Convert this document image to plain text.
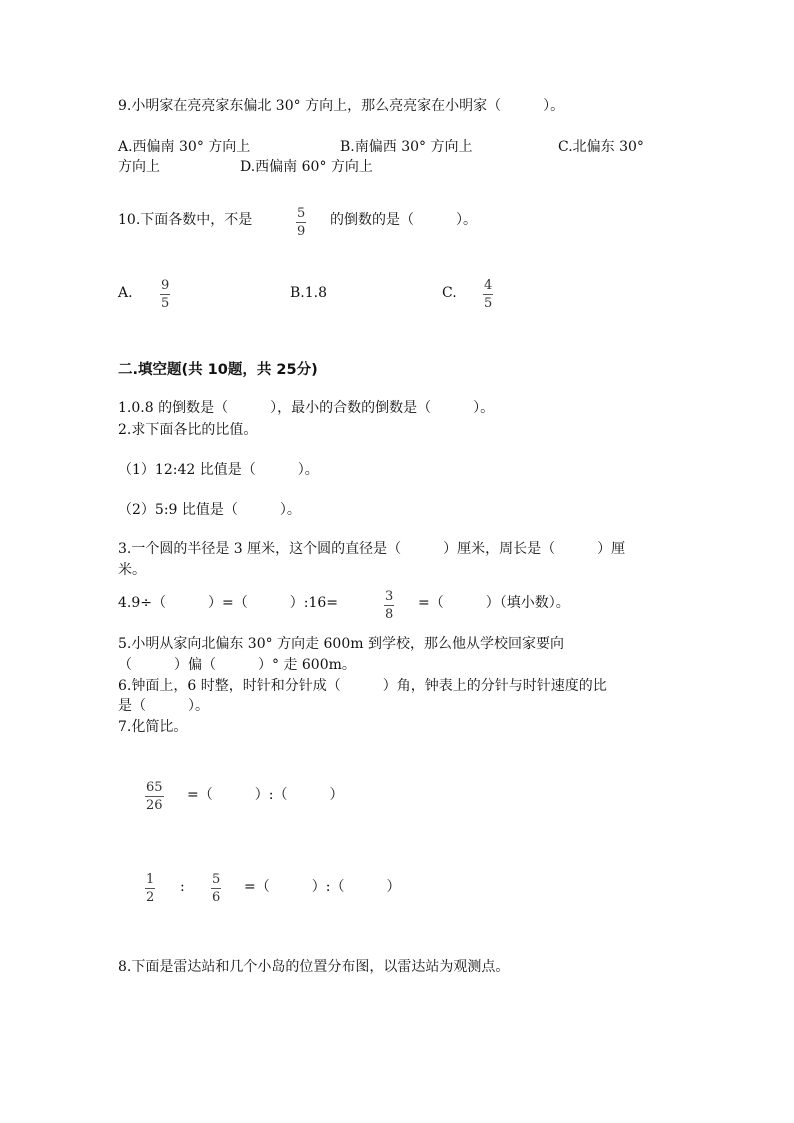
9.小明家在亮亮家东偏北 30° 方向上，那么亮亮家在小明家（　　　）。
A.西偏南 30° 方向上	B.南偏西 30° 方向上	C.北偏东 30°
方向上	D.西偏南 60° 方向上
10.下面各数中，不是	5
9
的倒数的是（　　　）。
A. 9
5
B.1.8	C. 4
5
二.填空题(共 10题，共 25分)
1.0.8 的倒数是（　　　），最小的合数的倒数是（　　　）。
2.求下面各比的比值。
（1）12:42 比值是（　　　）。
（2）5:9 比值是（　　　）。
3.一个圆的半径是 3 厘米，这个圆的直径是（　　　）厘米，周长是（　　　）厘
米。
4.9÷（　　　）=（　　　）:16=	3
8
=（　　　）（填小数）。
5.小明从家向北偏东 30° 方向走 600m 到学校，那么他从学校回家要向
（　　　）偏（　　　）° 走 600m。
6.钟面上，6 时整，时针和分针成（　　　）角，钟表上的分针与时针速度的比
是（　　　）。
7.化简比。
65
26
=（　　　）:（　　　）
1
2
: 5
6
=（　　　）:（　　　）
8.下面是雷达站和几个小岛的位置分布图，以雷达站为观测点。
